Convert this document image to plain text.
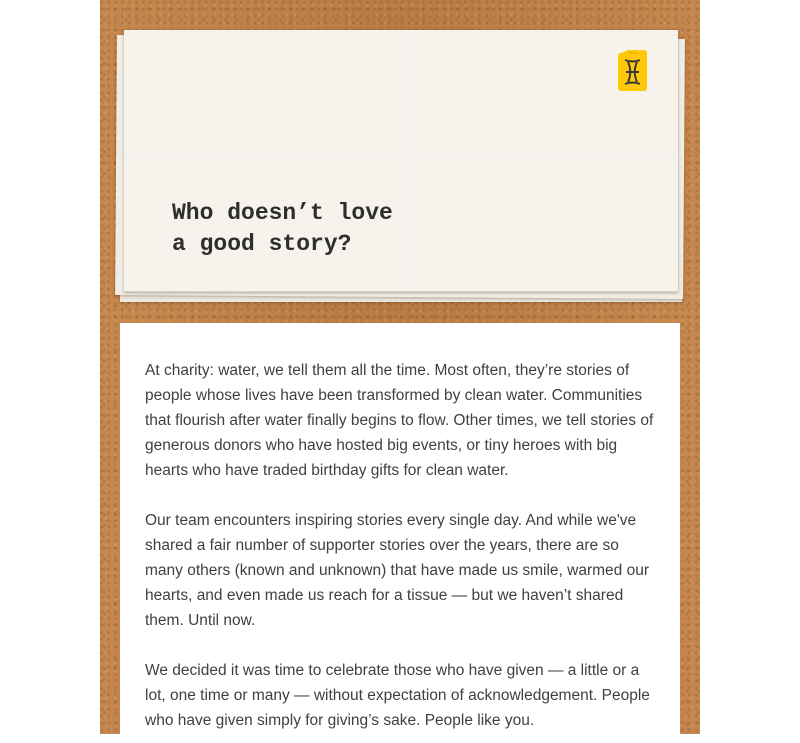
Who doesn’t love
a good story?

At charity: water, we tell them all the time. Most often, they’re stories of people whose lives have been transformed by clean water. Communities that flourish after water finally begins to flow. Other times, we tell stories of generous donors who have hosted big events, or tiny heroes with big hearts who have traded birthday gifts for clean water.

Our team encounters inspiring stories every single day. And while we've shared a fair number of supporter stories over the years, there are so many others (known and unknown) that have made us smile, warmed our hearts, and even made us reach for a tissue — but we haven’t shared them. Until now.

We decided it was time to celebrate those who have given — a little or a lot, one time or many — without expectation of acknowledgement. People who have given simply for giving’s sake. People like you.
